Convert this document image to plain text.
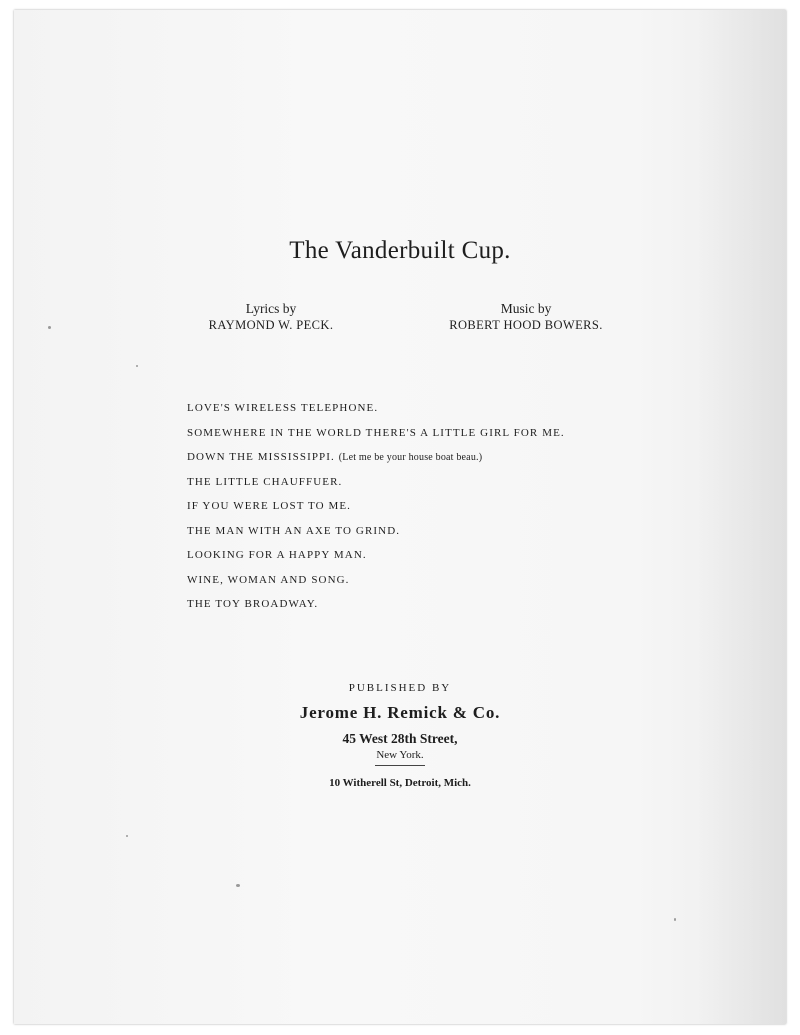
The Vanderbuilt Cup.
Lyrics by
RAYMOND W. PECK.
Music by
ROBERT HOOD BOWERS.
LOVE'S WIRELESS TELEPHONE.
SOMEWHERE IN THE WORLD THERE'S A LITTLE GIRL FOR ME.
DOWN THE MISSISSIPPI. (Let me be your house boat beau.)
THE LITTLE CHAUFFUER.
IF YOU WERE LOST TO ME.
THE MAN WITH AN AXE TO GRIND.
LOOKING FOR A HAPPY MAN.
WINE, WOMAN AND SONG.
THE TOY BROADWAY.
PUBLISHED BY
Jerome H. Remick & Co.
45 West 28th Street,
New York.
10 Witherell St, Detroit, Mich.
